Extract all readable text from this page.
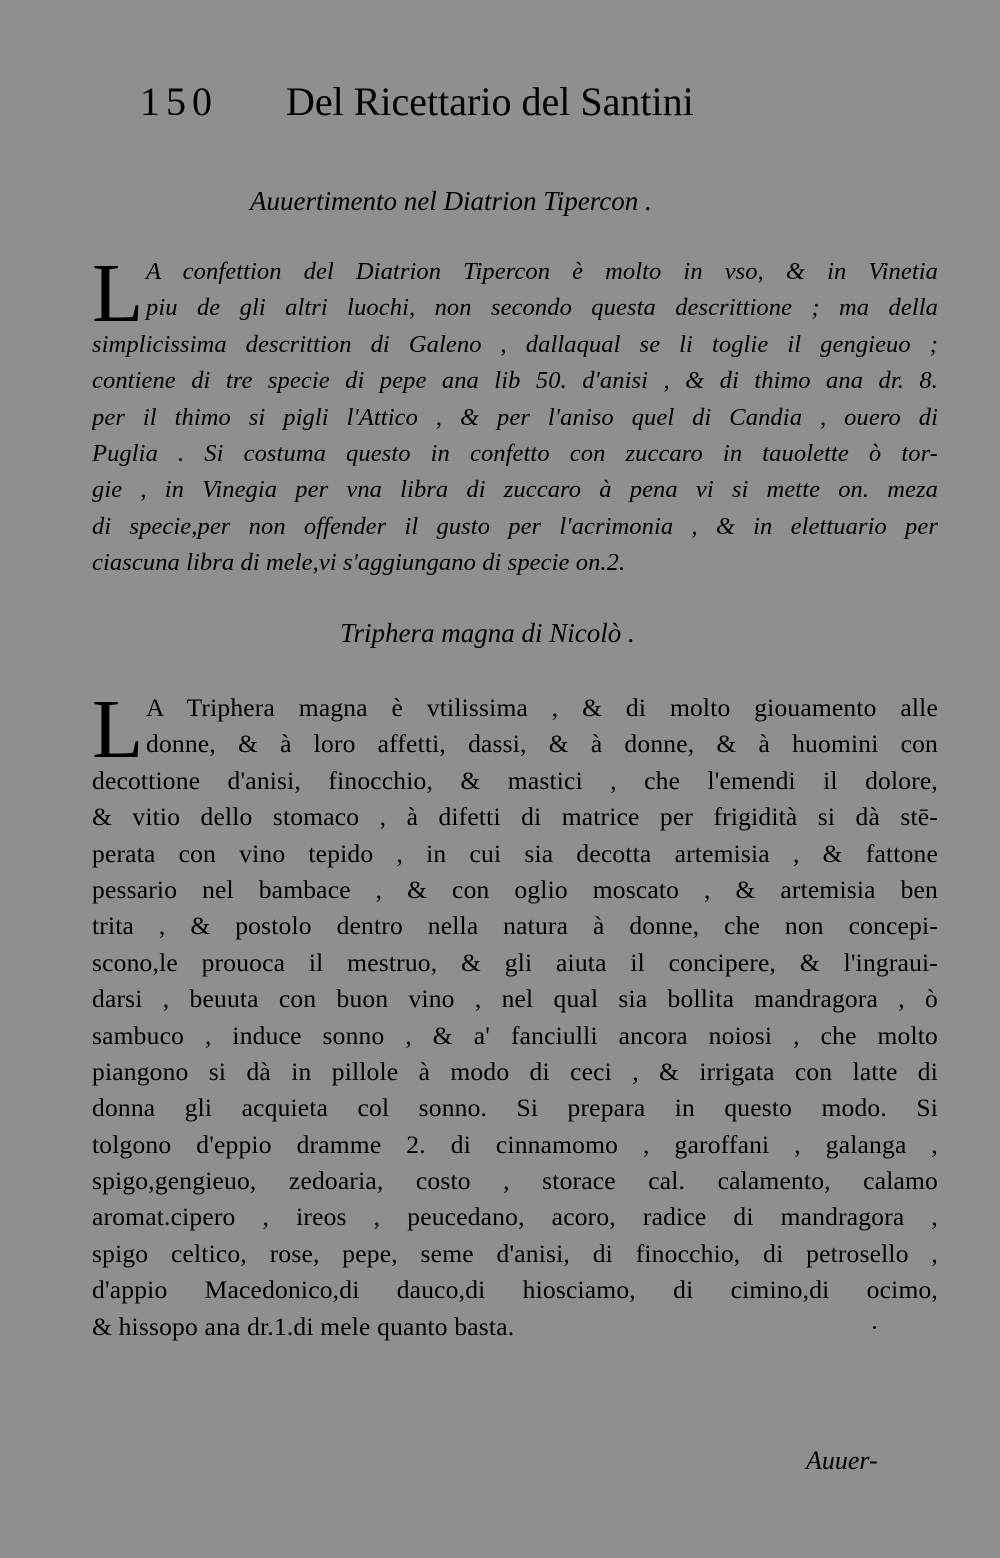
150 Del Ricettario del Santini
Auuertimento nel Diatrion Tipercon .
L A confettion del Diatrion Tipercon è molto in vso, & in Vinetia
piu de gli altri luochi, non secondo questa descrittione ; ma della
simplicissima descrittion di Galeno , dallaqual se li toglie il gengieuo ;
contiene di tre specie di pepe ana lib 50. d'anisi , & di thimo ana dr. 8.
per il thimo si pigli l'Attico , & per l'aniso quel di Candia , ouero di
Puglia . Si costuma questo in confetto con zuccaro in tauolette ò tor-
gie , in Vinegia per vna libra di zuccaro à pena vi si mette on. meza
di specie,per non offender il gusto per l'acrimonia , & in elettuario per
ciascuna libra di mele,vi s'aggiungano di specie on.2.
Triphera magna di Nicolò .
L A Triphera magna è vtilissima , & di molto giouamento alle
donne, & à loro affetti, dassi, & à donne, & à huomini con
decottione d'anisi, finocchio, & mastici , che l'emendi il dolore,
& vitio dello stomaco , à difetti di matrice per frigidità si dà stē-
perata con vino tepido , in cui sia decotta artemisia , & fattone
pessario nel bambace , & con oglio moscato , & artemisia ben
trita , & postolo dentro nella natura à donne, che non concepi-
scono,le prouoca il mestruo, & gli aiuta il concipere, & l'ingraui-
darsi , beuuta con buon vino , nel qual sia bollita mandragora , ò
sambuco , induce sonno , & a' fanciulli ancora noiosi , che molto
piangono si dà in pillole à modo di ceci , & irrigata con latte di
donna gli acquieta col sonno. Si prepara in questo modo. Si
tolgono d'eppio dramme 2. di cinnamomo , garoffani , galanga ,
spigo,gengieuo, zedoaria, costo , storace cal. calamento, calamo
aromat.cipero , ireos , peucedano, acoro, radice di mandragora ,
spigo celtico, rose, pepe, seme d'anisi, di finocchio, di petrosello ,
d'appio Macedonico,di dauco,di hiosciamo, di cimino,di ocimo,
& hissopo ana dr.1.di mele quanto basta.
Auuer-
